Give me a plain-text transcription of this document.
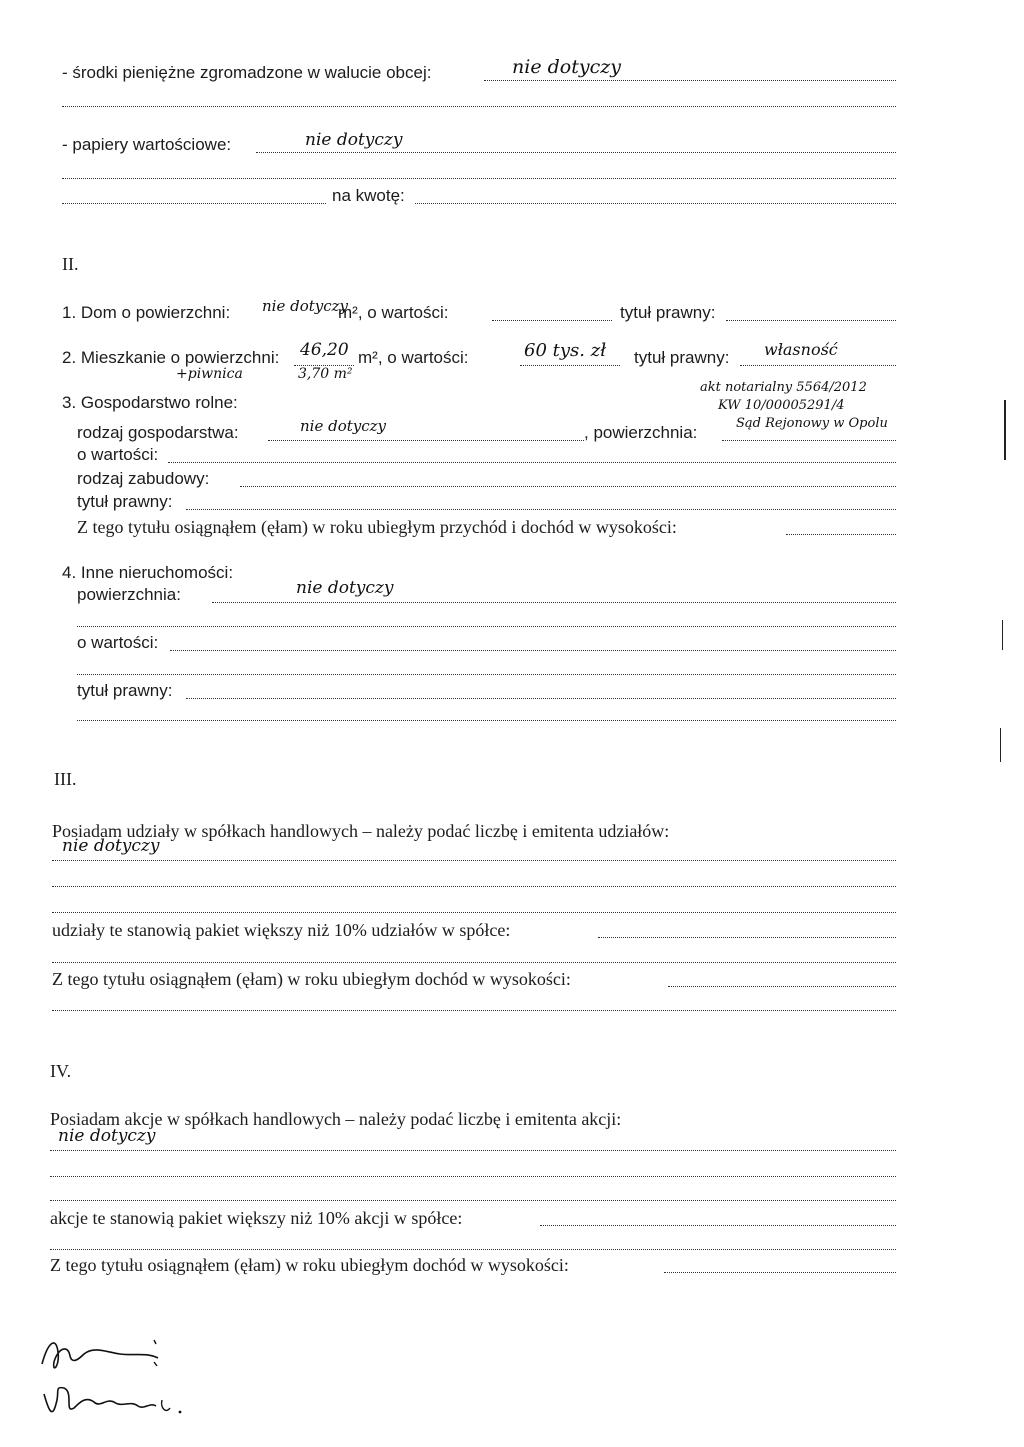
- środki pieniężne zgromadzone w walucie obcej:	nie dotyczy
- papiery wartościowe:	nie dotyczy
na kwotę:
II.
1. Dom o powierzchni: nie dotyczy
m², o wartości:	tytuł prawny:
2. Mieszkanie o powierzchni: 46,20 m², o wartości:	60 tys. zł tytuł prawny: własność
+piwnica	3,70 m²
akt notarialny 5564/2012
KW 10/00005291/4
Sąd Rejonowy w Opolu
3. Gospodarstwo rolne:
rodzaj gospodarstwa:	nie dotyczy	, powierzchnia:
o wartości:
rodzaj zabudowy:
tytuł prawny:
Z tego tytułu osiągnąłem (ęłam) w roku ubiegłym przychód i dochód w wysokości:
4. Inne nieruchomości:
powierzchnia:	nie dotyczy
o wartości:
tytuł prawny:
III.
Posiadam udziały w spółkach handlowych – należy podać liczbę i emitenta udziałów:
nie dotyczy
udziały te stanowią pakiet większy niż 10% udziałów w spółce:
Z tego tytułu osiągnąłem (ęłam) w roku ubiegłym dochód w wysokości:
IV.
Posiadam akcje w spółkach handlowych – należy podać liczbę i emitenta akcji:
nie dotyczy
akcje te stanowią pakiet większy niż 10% akcji w spółce:
Z tego tytułu osiągnąłem (ęłam) w roku ubiegłym dochód w wysokości:
